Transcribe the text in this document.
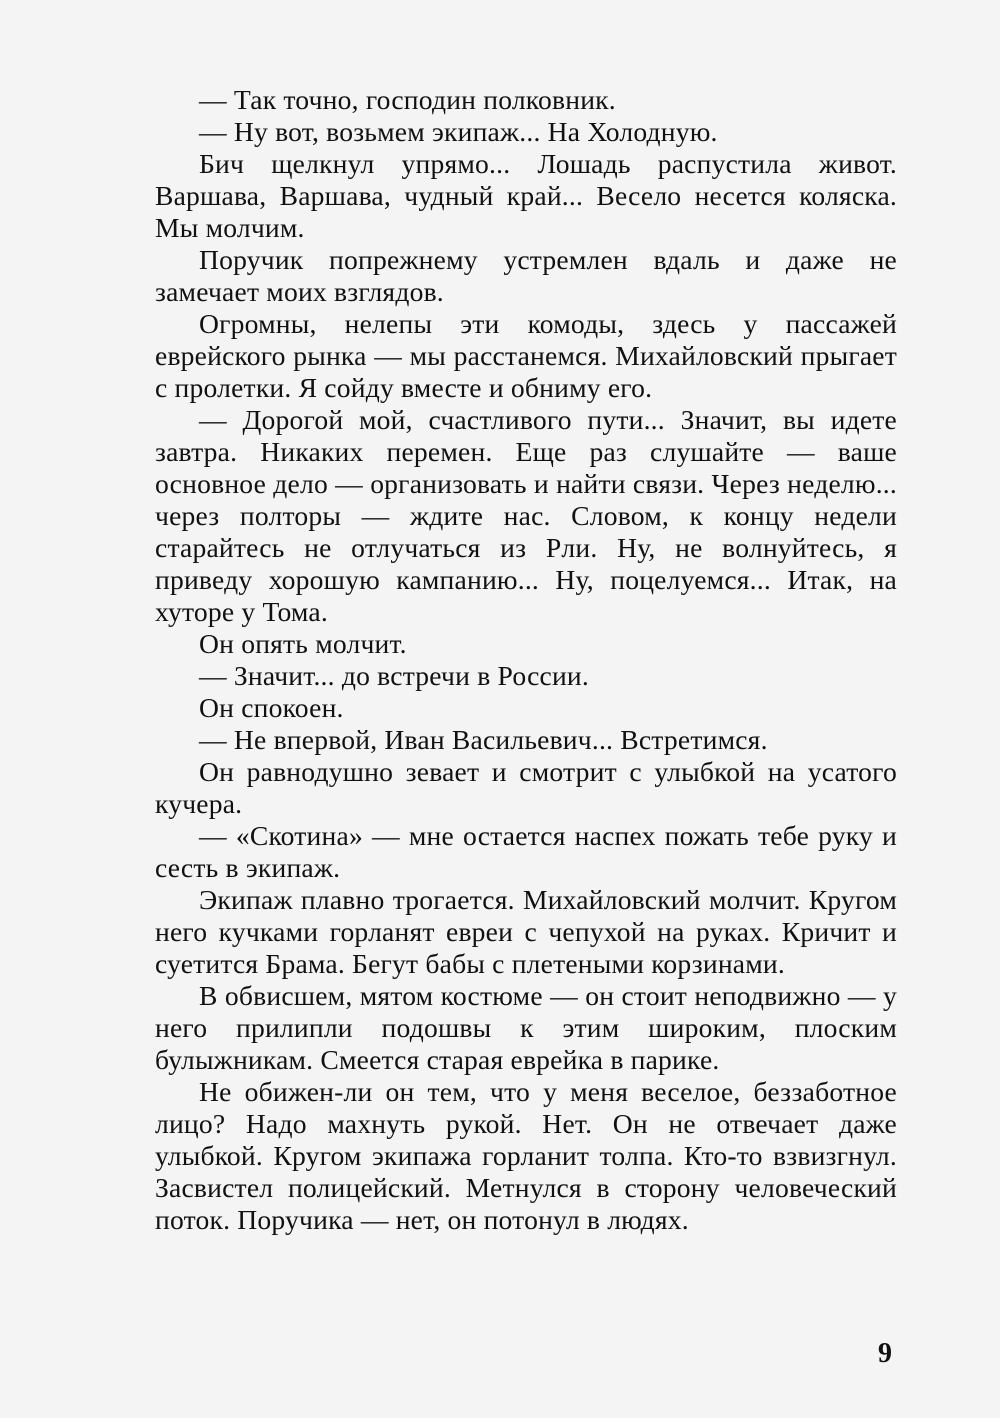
— Так точно, господин полковник.

— Ну вот, возьмем экипаж... На Холодную.

Бич щелкнул упрямо... Лошадь распустила живот. Варшава, Варшава, чудный край... Весело несется коляска. Мы молчим.

Поручик попрежнему устремлен вдаль и даже не замечает моих взглядов.

Огромны, нелепы эти комоды, здесь у пассажей еврейского рынка — мы расстанемся. Михайловский прыгает с пролетки. Я сойду вместе и обниму его.

— Дорогой мой, счастливого пути... Значит, вы идете завтра. Никаких перемен. Еще раз слушайте — ваше основное дело — организовать и найти связи. Через неделю... через полторы — ждите нас. Словом, к концу недели старайтесь не отлучаться из Рли. Ну, не волнуйтесь, я приведу хорошую кампанию... Ну, поцелуемся... Итак, на хуторе у Тома.

Он опять молчит.

— Значит... до встречи в России.

Он спокоен.

— Не впервой, Иван Васильевич... Встретимся.

Он равнодушно зевает и смотрит с улыбкой на усатого кучера.

— «Скотина» — мне остается наспех пожать тебе руку и сесть в экипаж.

Экипаж плавно трогается. Михайловский молчит. Кругом него кучками горланят евреи с чепухой на руках. Кричит и суетится Брама. Бегут бабы с плетеными корзинами.

В обвисшем, мятом костюме — он стоит неподвижно — у него прилипли подошвы к этим широким, плоским булыжникам. Смеется старая еврейка в парике.

Не обижен-ли он тем, что у меня веселое, беззаботное лицо? Надо махнуть рукой. Нет. Он не отвечает даже улыбкой. Кругом экипажа горланит толпа. Кто-то взвизгнул. Засвистел полицейский. Метнулся в сторону человеческий поток. Поручика — нет, он потонул в людях.

9
